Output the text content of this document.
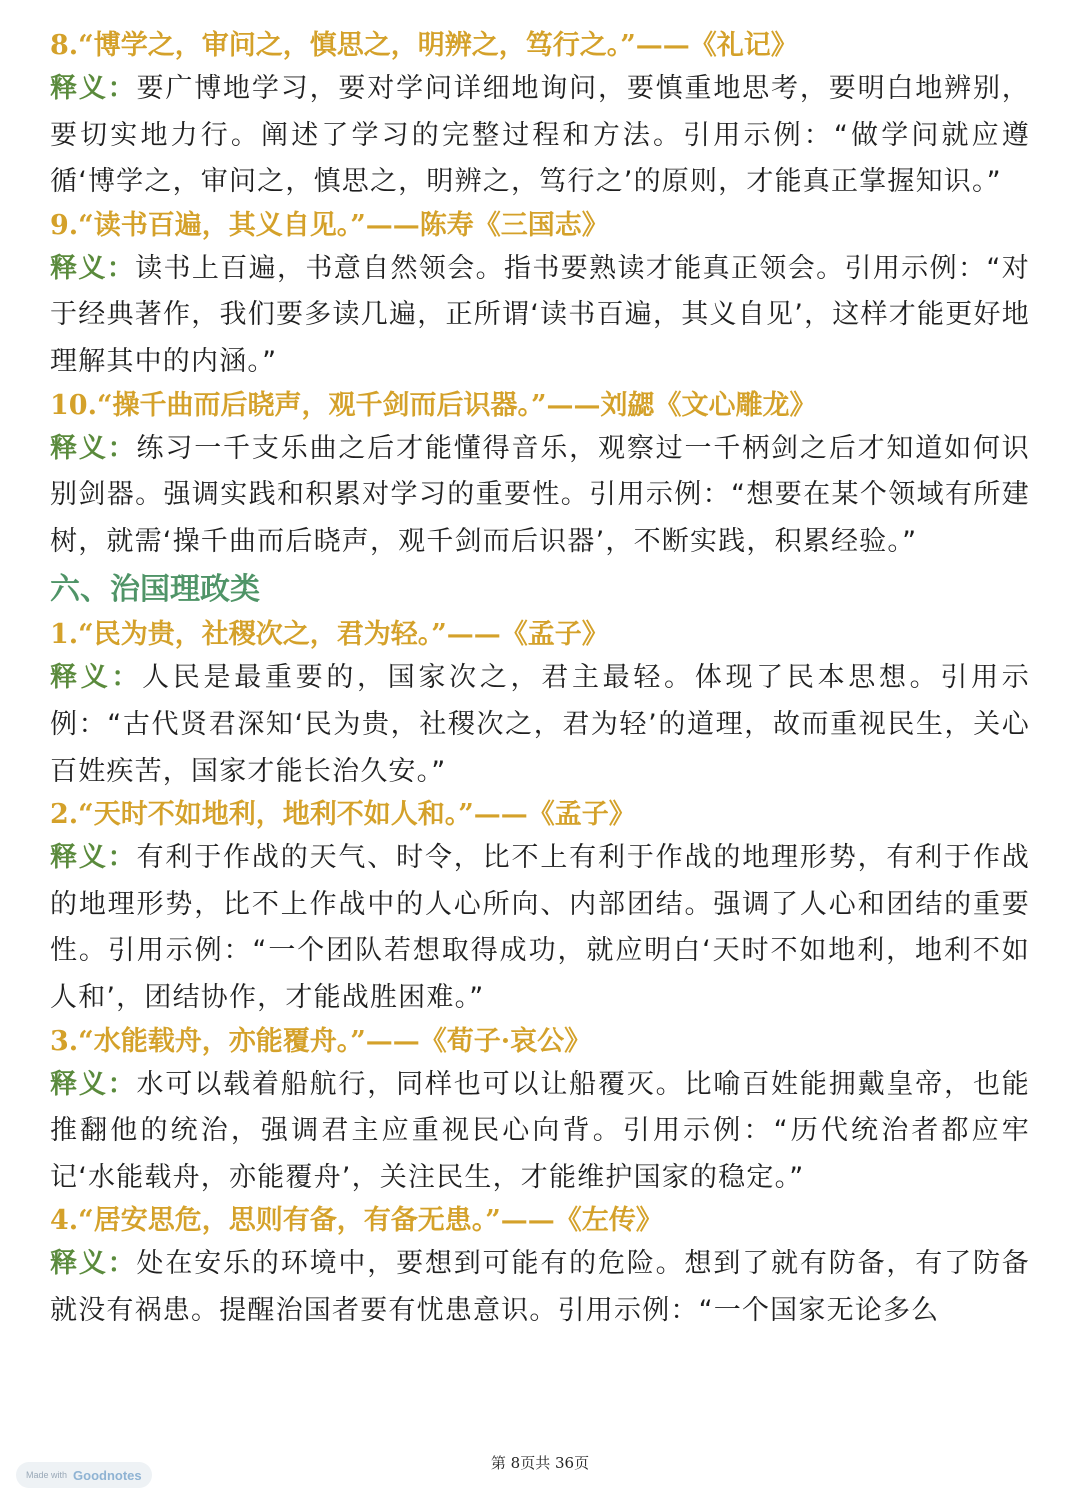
8.“博学之，审问之，慎思之，明辨之，笃行之。”——《礼记》

释义：要广博地学习，要对学问详细地询问，要慎重地思考，要明白地辨别，要切实地力行。阐述了学习的完整过程和方法。引用示例：“做学问就应遵循‘博学之，审问之，慎思之，明辨之，笃行之’的原则，才能真正掌握知识。”

9.“读书百遍，其义自见。”——陈寿《三国志》

释义：读书上百遍，书意自然领会。指书要熟读才能真正领会。引用示例：“对于经典著作，我们要多读几遍，正所谓‘读书百遍，其义自见’，这样才能更好地理解其中的内涵。”

10.“操千曲而后晓声，观千剑而后识器。”——刘勰《文心雕龙》

释义：练习一千支乐曲之后才能懂得音乐，观察过一千柄剑之后才知道如何识别剑器。强调实践和积累对学习的重要性。引用示例：“想要在某个领域有所建树，就需‘操千曲而后晓声，观千剑而后识器’，不断实践，积累经验。”

六、治国理政类

1.“民为贵，社稷次之，君为轻。”——《孟子》

释义：人民是最重要的，国家次之，君主最轻。体现了民本思想。引用示例：“古代贤君深知‘民为贵，社稷次之，君为轻’的道理，故而重视民生，关心百姓疾苦，国家才能长治久安。”

2.“天时不如地利，地利不如人和。”——《孟子》

释义：有利于作战的天气、时令，比不上有利于作战的地理形势，有利于作战的地理形势，比不上作战中的人心所向、内部团结。强调了人心和团结的重要性。引用示例：“一个团队若想取得成功，就应明白‘天时不如地利，地利不如人和’，团结协作，才能战胜困难。”

3.“水能载舟，亦能覆舟。”——《荀子·哀公》

释义：水可以载着船航行，同样也可以让船覆灭。比喻百姓能拥戴皇帝，也能推翻他的统治，强调君主应重视民心向背。引用示例：“历代统治者都应牢记‘水能载舟，亦能覆舟’，关注民生，才能维护国家的稳定。”

4.“居安思危，思则有备，有备无患。”——《左传》

释义：处在安乐的环境中，要想到可能有的危险。想到了就有防备，有了防备就没有祸患。提醒治国者要有忧患意识。引用示例：“一个国家无论多么

第 8页共 36页
Made with Goodnotes
